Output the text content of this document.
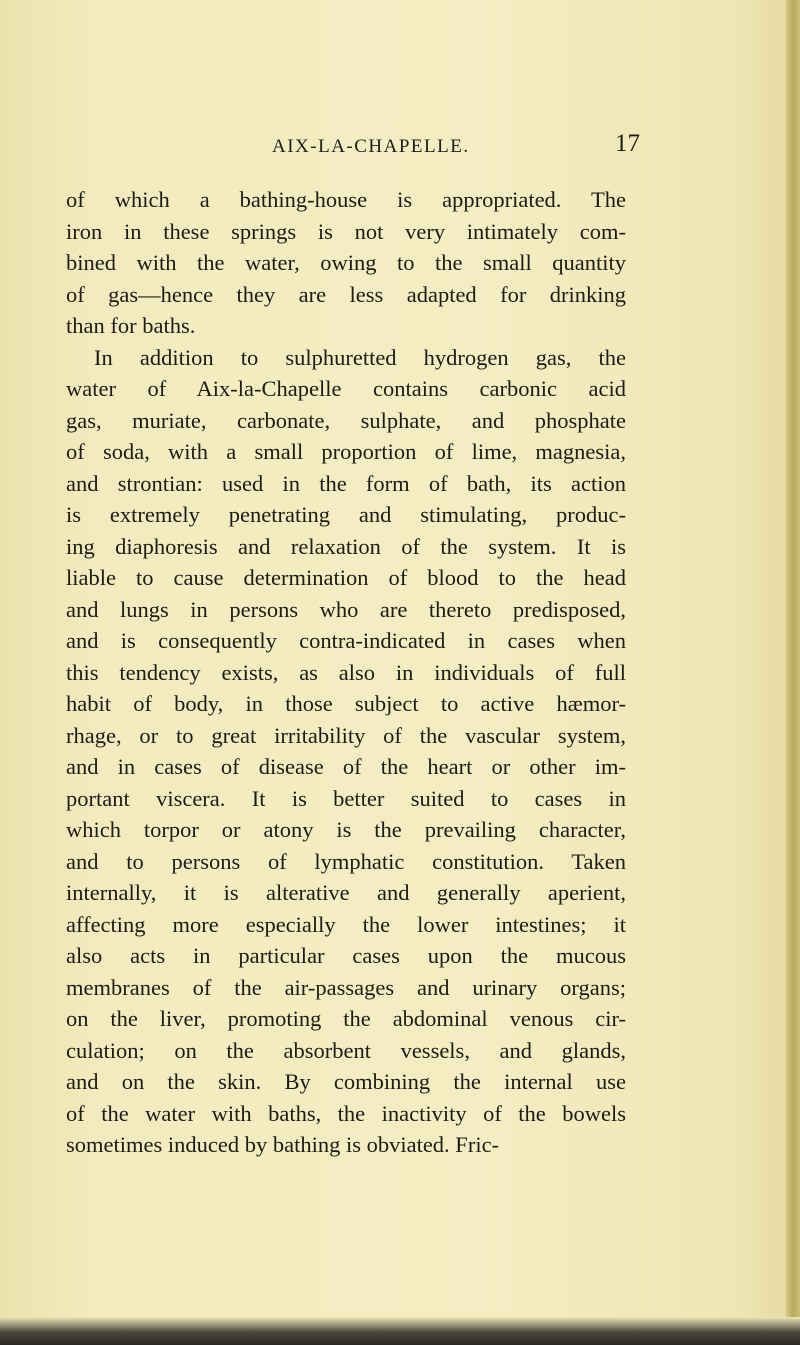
AIX-LA-CHAPELLE.	17
of which a bathing-house is appropriated. The
iron in these springs is not very intimately com-
bined with the water, owing to the small quantity
of gas—hence they are less adapted for drinking
than for baths.
In addition to sulphuretted hydrogen gas, the
water of Aix-la-Chapelle contains carbonic acid
gas, muriate, carbonate, sulphate, and phosphate
of soda, with a small proportion of lime, magnesia,
and strontian: used in the form of bath, its action
is extremely penetrating and stimulating, produc-
ing diaphoresis and relaxation of the system. It is
liable to cause determination of blood to the head
and lungs in persons who are thereto predisposed,
and is consequently contra-indicated in cases when
this tendency exists, as also in individuals of full
habit of body, in those subject to active hæmor-
rhage, or to great irritability of the vascular system,
and in cases of disease of the heart or other im-
portant viscera. It is better suited to cases in
which torpor or atony is the prevailing character,
and to persons of lymphatic constitution. Taken
internally, it is alterative and generally aperient,
affecting more especially the lower intestines; it
also acts in particular cases upon the mucous
membranes of the air-passages and urinary organs;
on the liver, promoting the abdominal venous cir-
culation; on the absorbent vessels, and glands,
and on the skin. By combining the internal use
of the water with baths, the inactivity of the bowels
sometimes induced by bathing is obviated. Fric-
